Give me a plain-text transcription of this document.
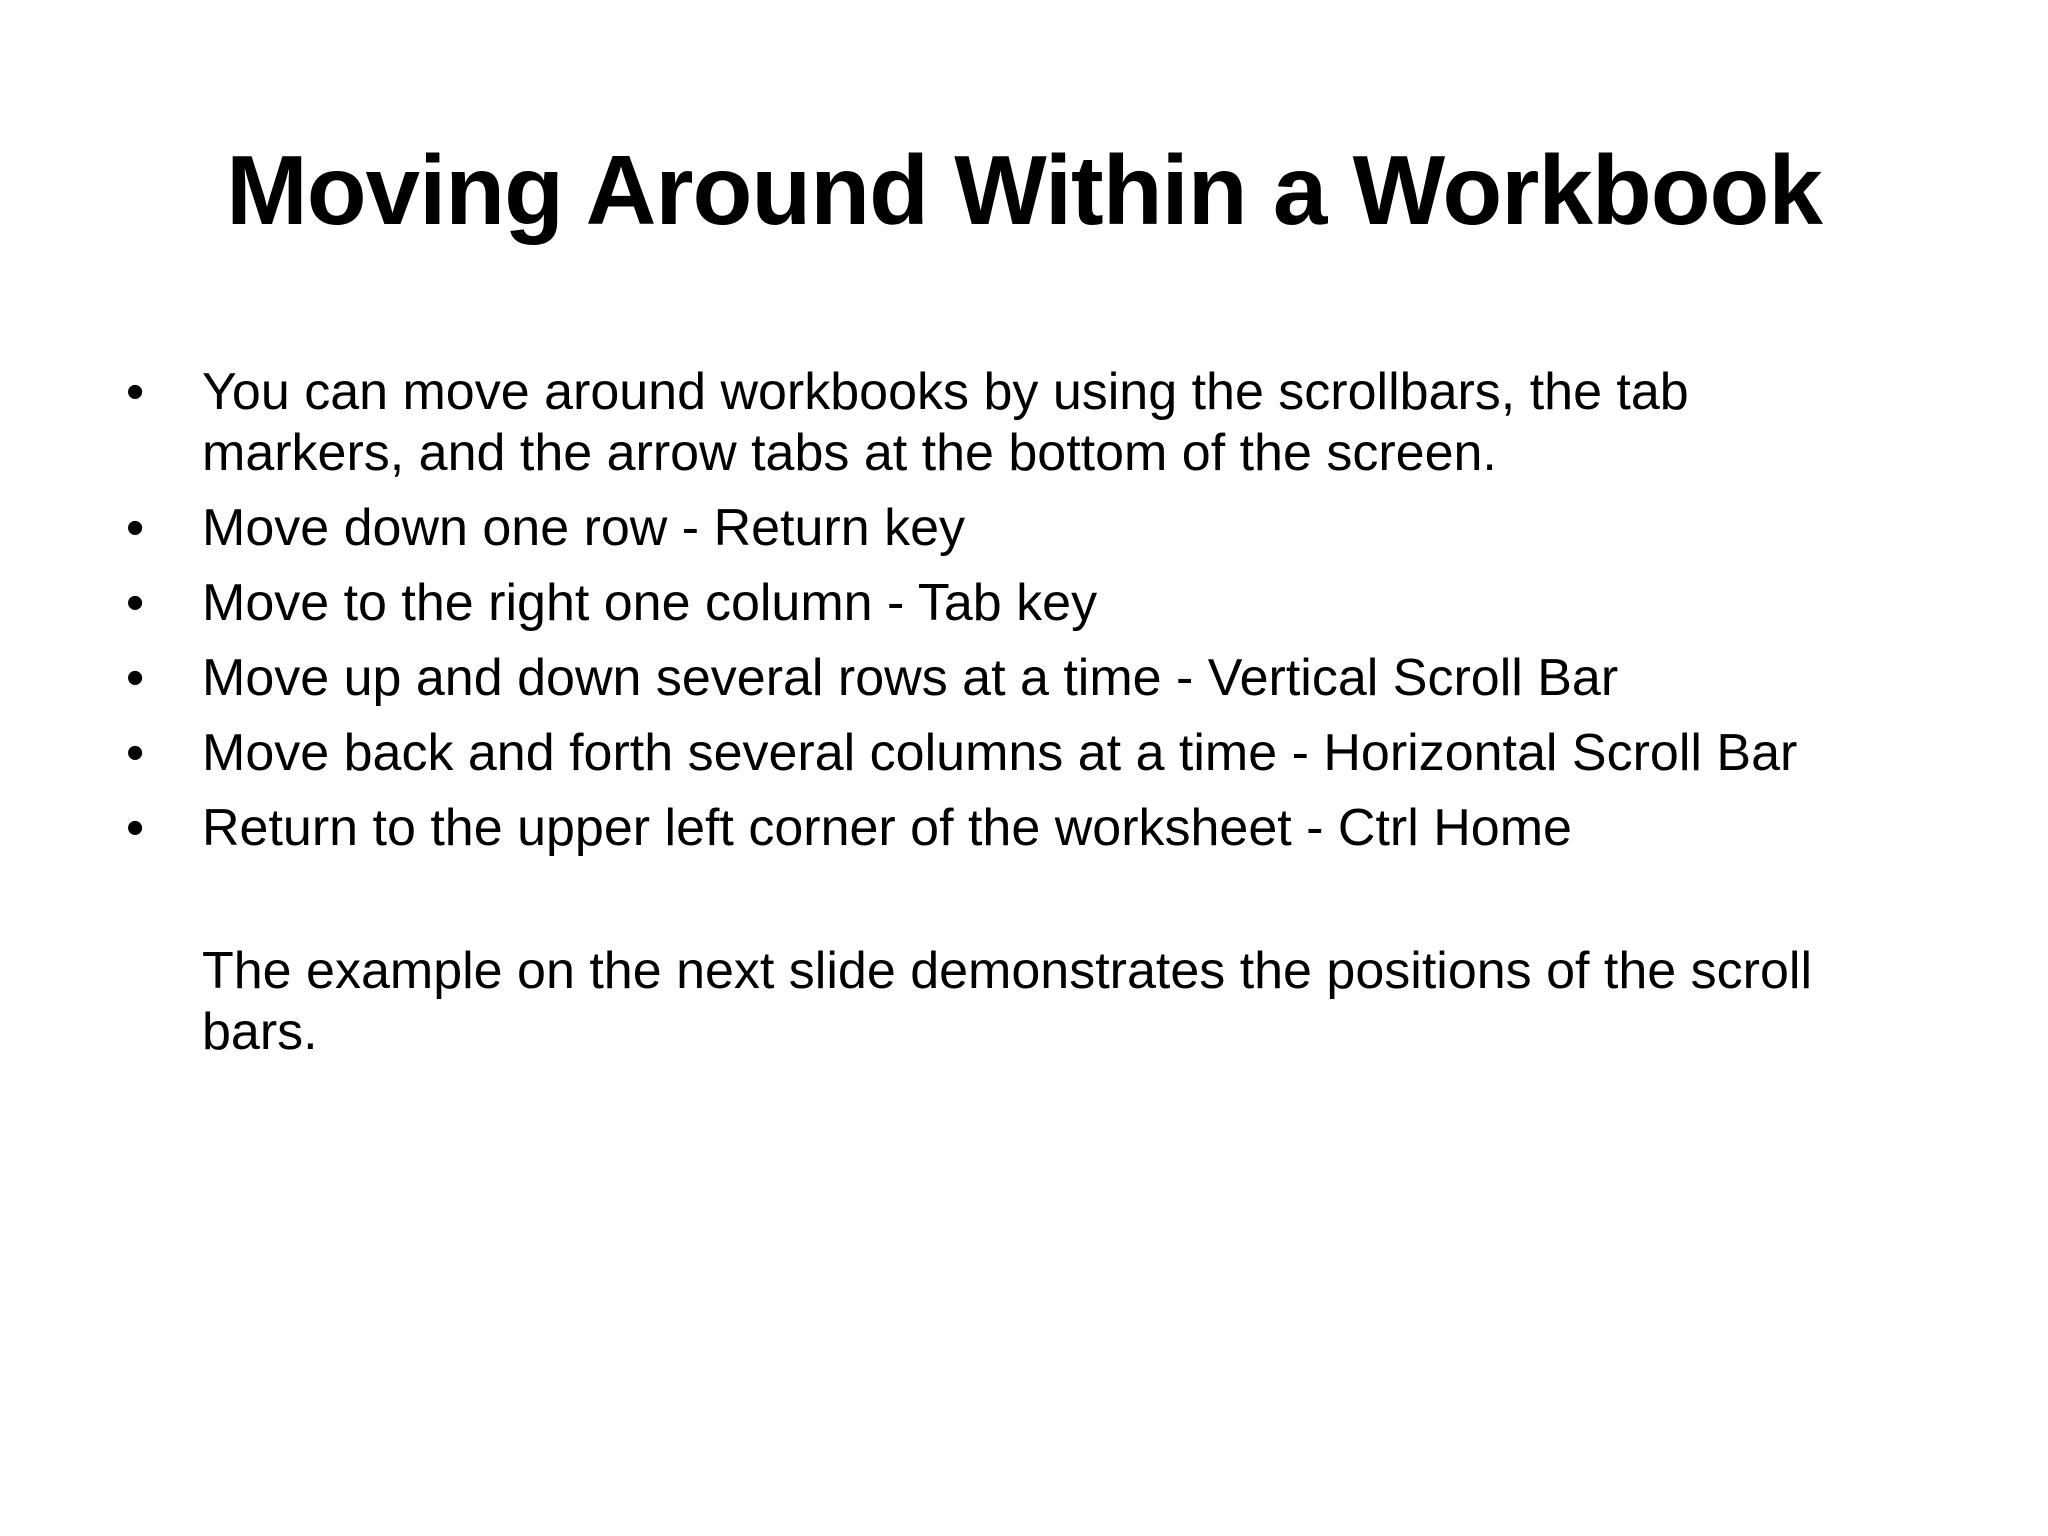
Moving Around Within a Workbook
• You can move around workbooks by using the scrollbars, the tab markers, and the arrow tabs at the bottom of the screen.
• Move down one row - Return key
• Move to the right one column - Tab key
• Move up and down several rows at a time - Vertical Scroll Bar
• Move back and forth several columns at a time - Horizontal Scroll Bar
• Return to the upper left corner of the worksheet - Ctrl Home

The example on the next slide demonstrates the positions of the scroll bars.
